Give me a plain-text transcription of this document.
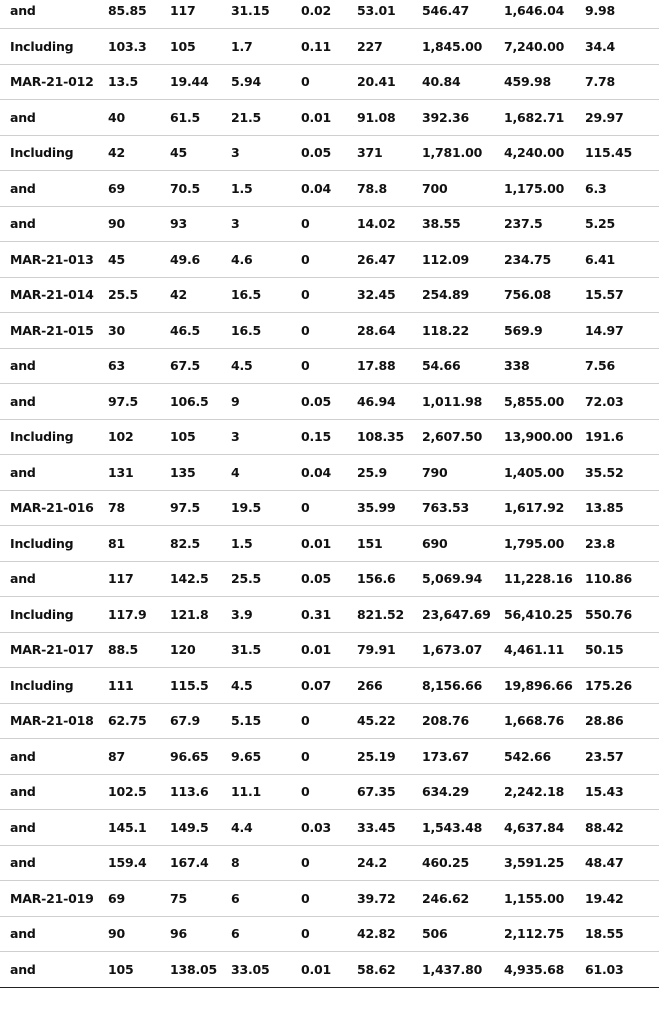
and	85.85	117	31.15	0.02	53.01	546.47	1,646.04	9.98
Including	103.3	105	1.7	0.11	227	1,845.00	7,240.00	34.4
MAR-21-012	13.5	19.44	5.94	0	20.41	40.84	459.98	7.78
and	40	61.5	21.5	0.01	91.08	392.36	1,682.71	29.97
Including	42	45	3	0.05	371	1,781.00	4,240.00	115.45
and	69	70.5	1.5	0.04	78.8	700	1,175.00	6.3
and	90	93	3	0	14.02	38.55	237.5	5.25
MAR-21-013	45	49.6	4.6	0	26.47	112.09	234.75	6.41
MAR-21-014	25.5	42	16.5	0	32.45	254.89	756.08	15.57
MAR-21-015	30	46.5	16.5	0	28.64	118.22	569.9	14.97
and	63	67.5	4.5	0	17.88	54.66	338	7.56
and	97.5	106.5	9	0.05	46.94	1,011.98	5,855.00	72.03
Including	102	105	3	0.15	108.35	2,607.50	13,900.00	191.6
and	131	135	4	0.04	25.9	790	1,405.00	35.52
MAR-21-016	78	97.5	19.5	0	35.99	763.53	1,617.92	13.85
Including	81	82.5	1.5	0.01	151	690	1,795.00	23.8
and	117	142.5	25.5	0.05	156.6	5,069.94	11,228.16	110.86
Including	117.9	121.8	3.9	0.31	821.52	23,647.69	56,410.25	550.76
MAR-21-017	88.5	120	31.5	0.01	79.91	1,673.07	4,461.11	50.15
Including	111	115.5	4.5	0.07	266	8,156.66	19,896.66	175.26
MAR-21-018	62.75	67.9	5.15	0	45.22	208.76	1,668.76	28.86
and	87	96.65	9.65	0	25.19	173.67	542.66	23.57
and	102.5	113.6	11.1	0	67.35	634.29	2,242.18	15.43
and	145.1	149.5	4.4	0.03	33.45	1,543.48	4,637.84	88.42
and	159.4	167.4	8	0	24.2	460.25	3,591.25	48.47
MAR-21-019	69	75	6	0	39.72	246.62	1,155.00	19.42
and	90	96	6	0	42.82	506	2,112.75	18.55
and	105	138.05	33.05	0.01	58.62	1,437.80	4,935.68	61.03
